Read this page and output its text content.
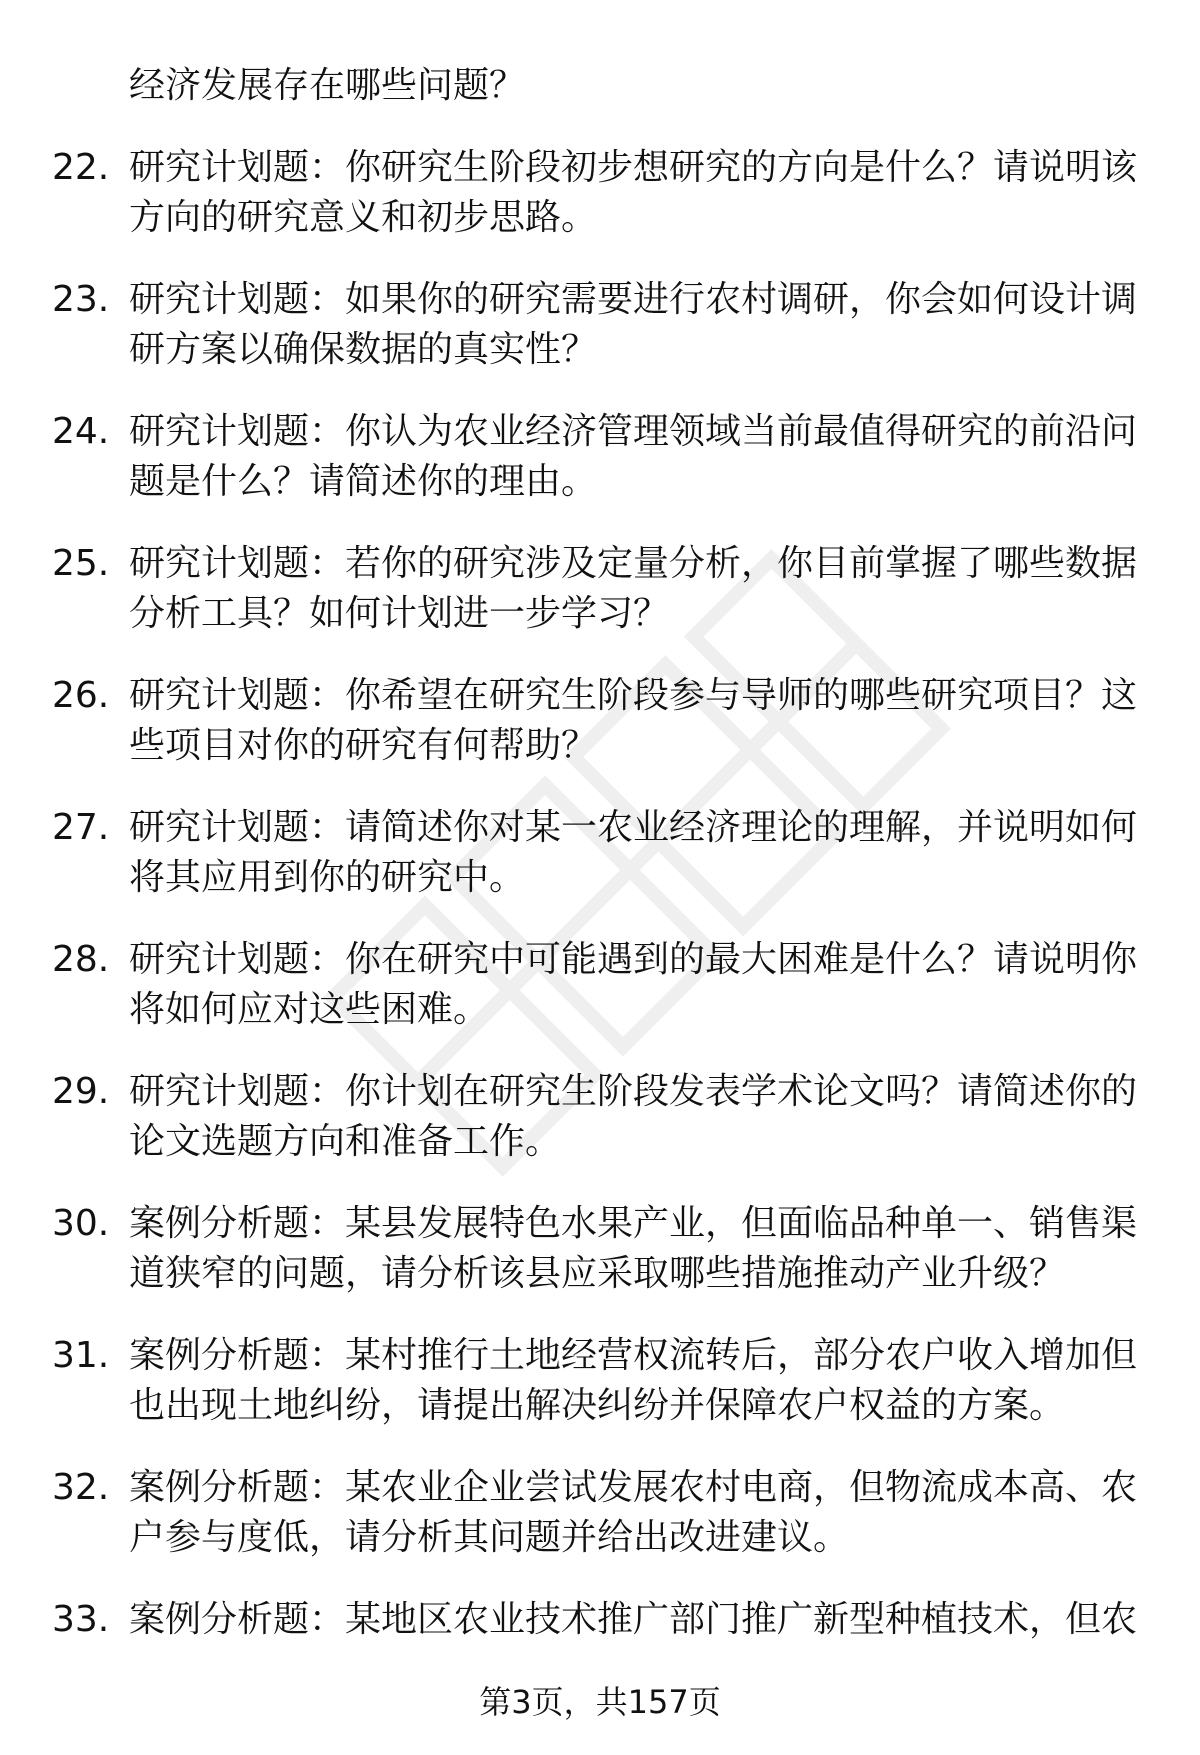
经济发展存在哪些问题？
22. 研究计划题：你研究生阶段初步想研究的方向是什么？请说明该
方向的研究意义和初步思路。
23. 研究计划题：如果你的研究需要进行农村调研，你会如何设计调
研方案以确保数据的真实性？
24. 研究计划题：你认为农业经济管理领域当前最值得研究的前沿问
题是什么？请简述你的理由。
25. 研究计划题：若你的研究涉及定量分析，你目前掌握了哪些数据
分析工具？如何计划进一步学习？
26. 研究计划题：你希望在研究生阶段参与导师的哪些研究项目？这
些项目对你的研究有何帮助？
27. 研究计划题：请简述你对某一农业经济理论的理解，并说明如何
将其应用到你的研究中。
28. 研究计划题：你在研究中可能遇到的最大困难是什么？请说明你
将如何应对这些困难。
29. 研究计划题：你计划在研究生阶段发表学术论文吗？请简述你的
论文选题方向和准备工作。
30. 案例分析题：某县发展特色水果产业，但面临品种单一、销售渠
道狭窄的问题，请分析该县应采取哪些措施推动产业升级？
31. 案例分析题：某村推行土地经营权流转后，部分农户收入增加但
也出现土地纠纷，请提出解决纠纷并保障农户权益的方案。
32. 案例分析题：某农业企业尝试发展农村电商，但物流成本高、农
户参与度低，请分析其问题并给出改进建议。
33. 案例分析题：某地区农业技术推广部门推广新型种植技术，但农
第3页，共157页
